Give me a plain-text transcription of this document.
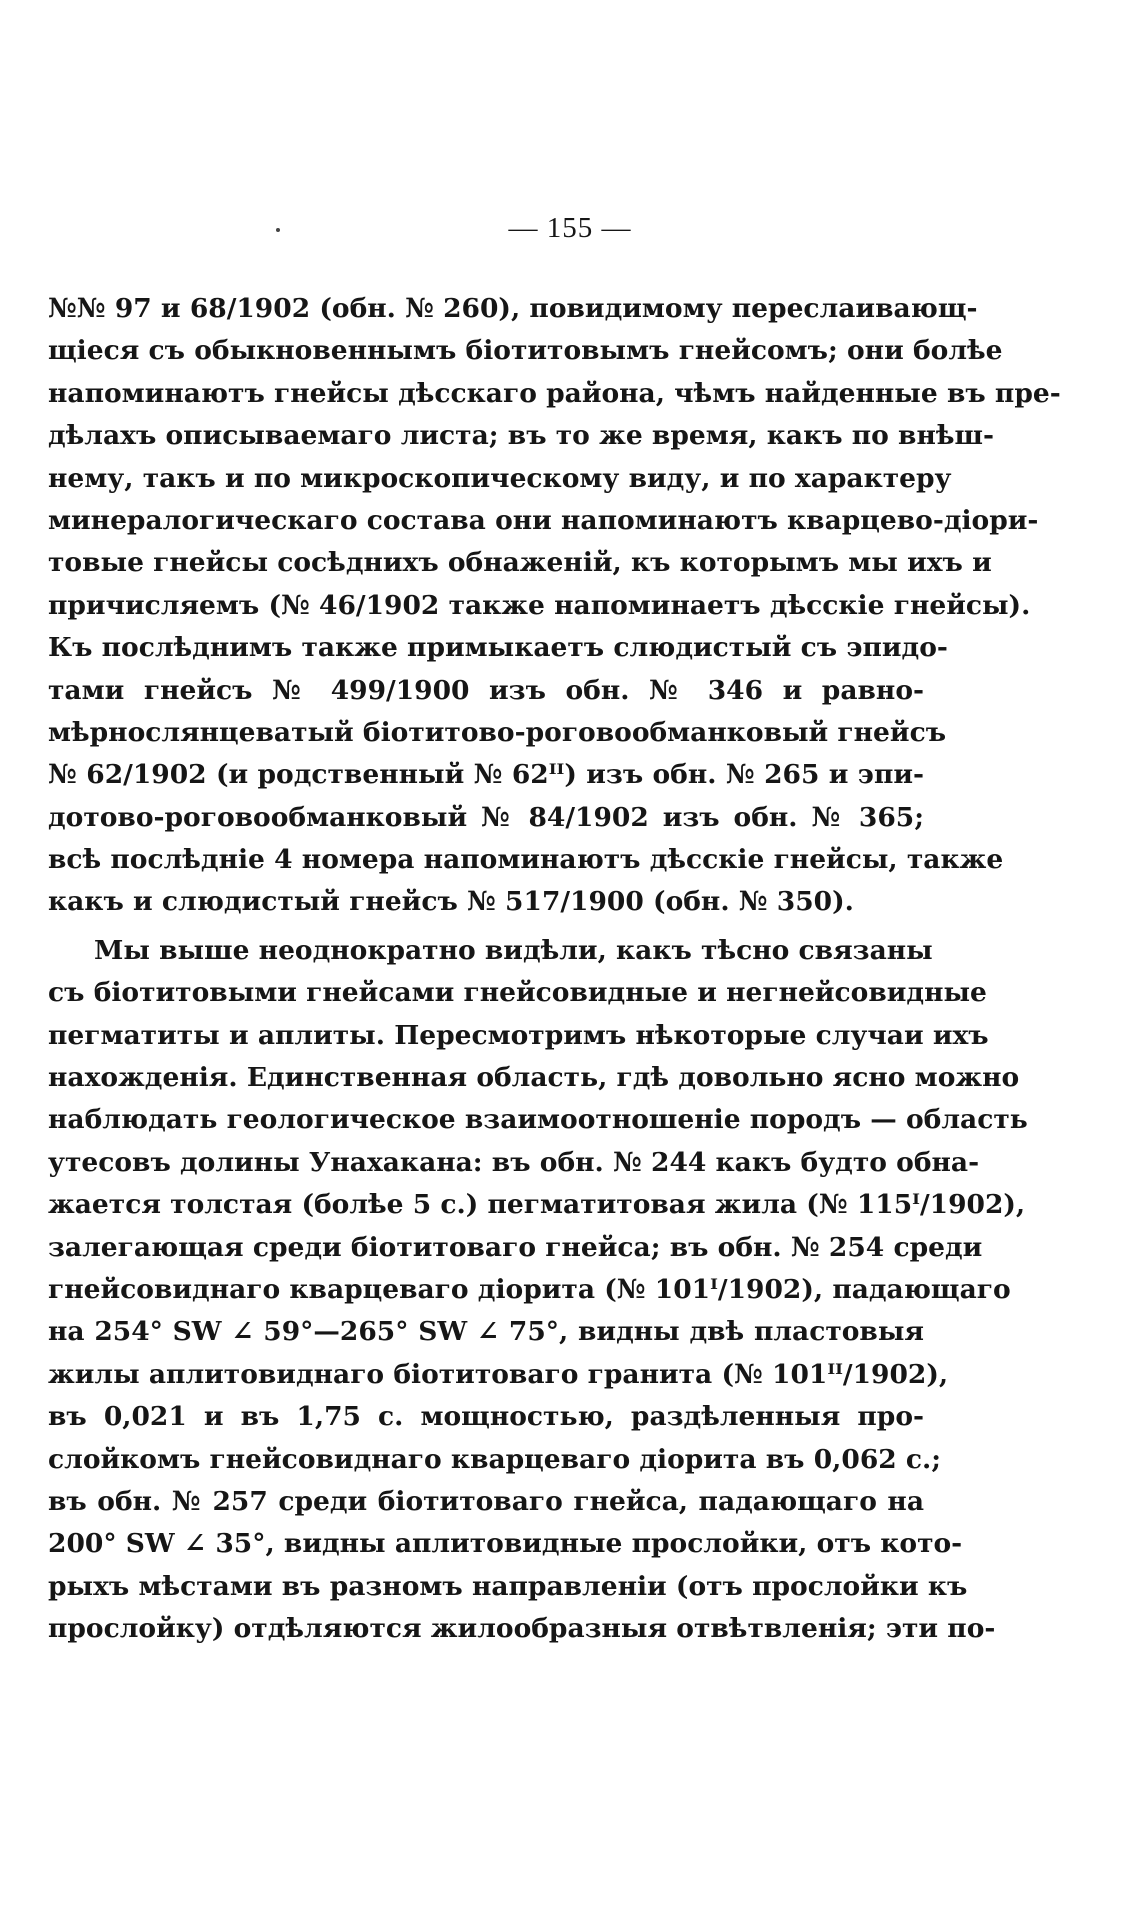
— 155 —
№№ 97 и 68/1902 (обн. № 260), повидимому переслаивающ-
щіеся съ обыкновеннымъ біотитовымъ гнейсомъ; они болѣе
напоминаютъ гнейсы дѣсскаго района, чѣмъ найденные въ пре-
дѣлахъ описываемаго листа; въ то же время, какъ по внѣш-
нему, такъ и по микроскопическому виду, и по характеру
минералогическаго состава они напоминаютъ кварцево-діори-
товые гнейсы сосѣднихъ обнаженій, къ которымъ мы ихъ и
причисляемъ (№ 46/1902 также напоминаетъ дѣсскіе гнейсы).
Къ послѣднимъ также примыкаетъ слюдистый съ эпидо-
тами гнейсъ № 499/1900 изъ обн. № 346 и равно-
мѣрнослянцеватый біотитово-роговообманковый гнейсъ
№ 62/1902 (и родственный № 62ᴵᴵ) изъ обн. № 265 и эпи-
дотово-роговообманковый № 84/1902 изъ обн. № 365;
всѣ послѣдніе 4 номера напоминаютъ дѣсскіе гнейсы, также
какъ и слюдистый гнейсъ № 517/1900 (обн. № 350).
Мы выше неоднократно видѣли, какъ тѣсно связаны
съ біотитовыми гнейсами гнейсовидные и негнейсовидные
пегматиты и аплиты. Пересмотримъ нѣкоторые случаи ихъ
нахожденія. Единственная область, гдѣ довольно ясно можно
наблюдать геологическое взаимоотношеніе породъ — область
утесовъ долины Унахакана: въ обн. № 244 какъ будто обна-
жается толстая (болѣе 5 с.) пегматитовая жила (№ 115ᴵ/1902),
залегающая среди біотитоваго гнейса; въ обн. № 254 среди
гнейсовиднаго кварцеваго діорита (№ 101ᴵ/1902), падающаго
на 254° SW ∠ 59°—265° SW ∠ 75°, видны двѣ пластовыя
жилы аплитовиднаго біотитоваго гранита (№ 101ᴵᴵ/1902),
въ 0,021 и въ 1,75 с. мощностью, раздѣленныя про-
слойкомъ гнейсовиднаго кварцеваго діорита въ 0,062 с.;
въ обн. № 257 среди біотитоваго гнейса, падающаго на
200° SW ∠ 35°, видны аплитовидные прослойки, отъ кото-
рыхъ мѣстами въ разномъ направленіи (отъ прослойки къ
прослойку) отдѣляются жилообразныя отвѣтвленія; эти по-
